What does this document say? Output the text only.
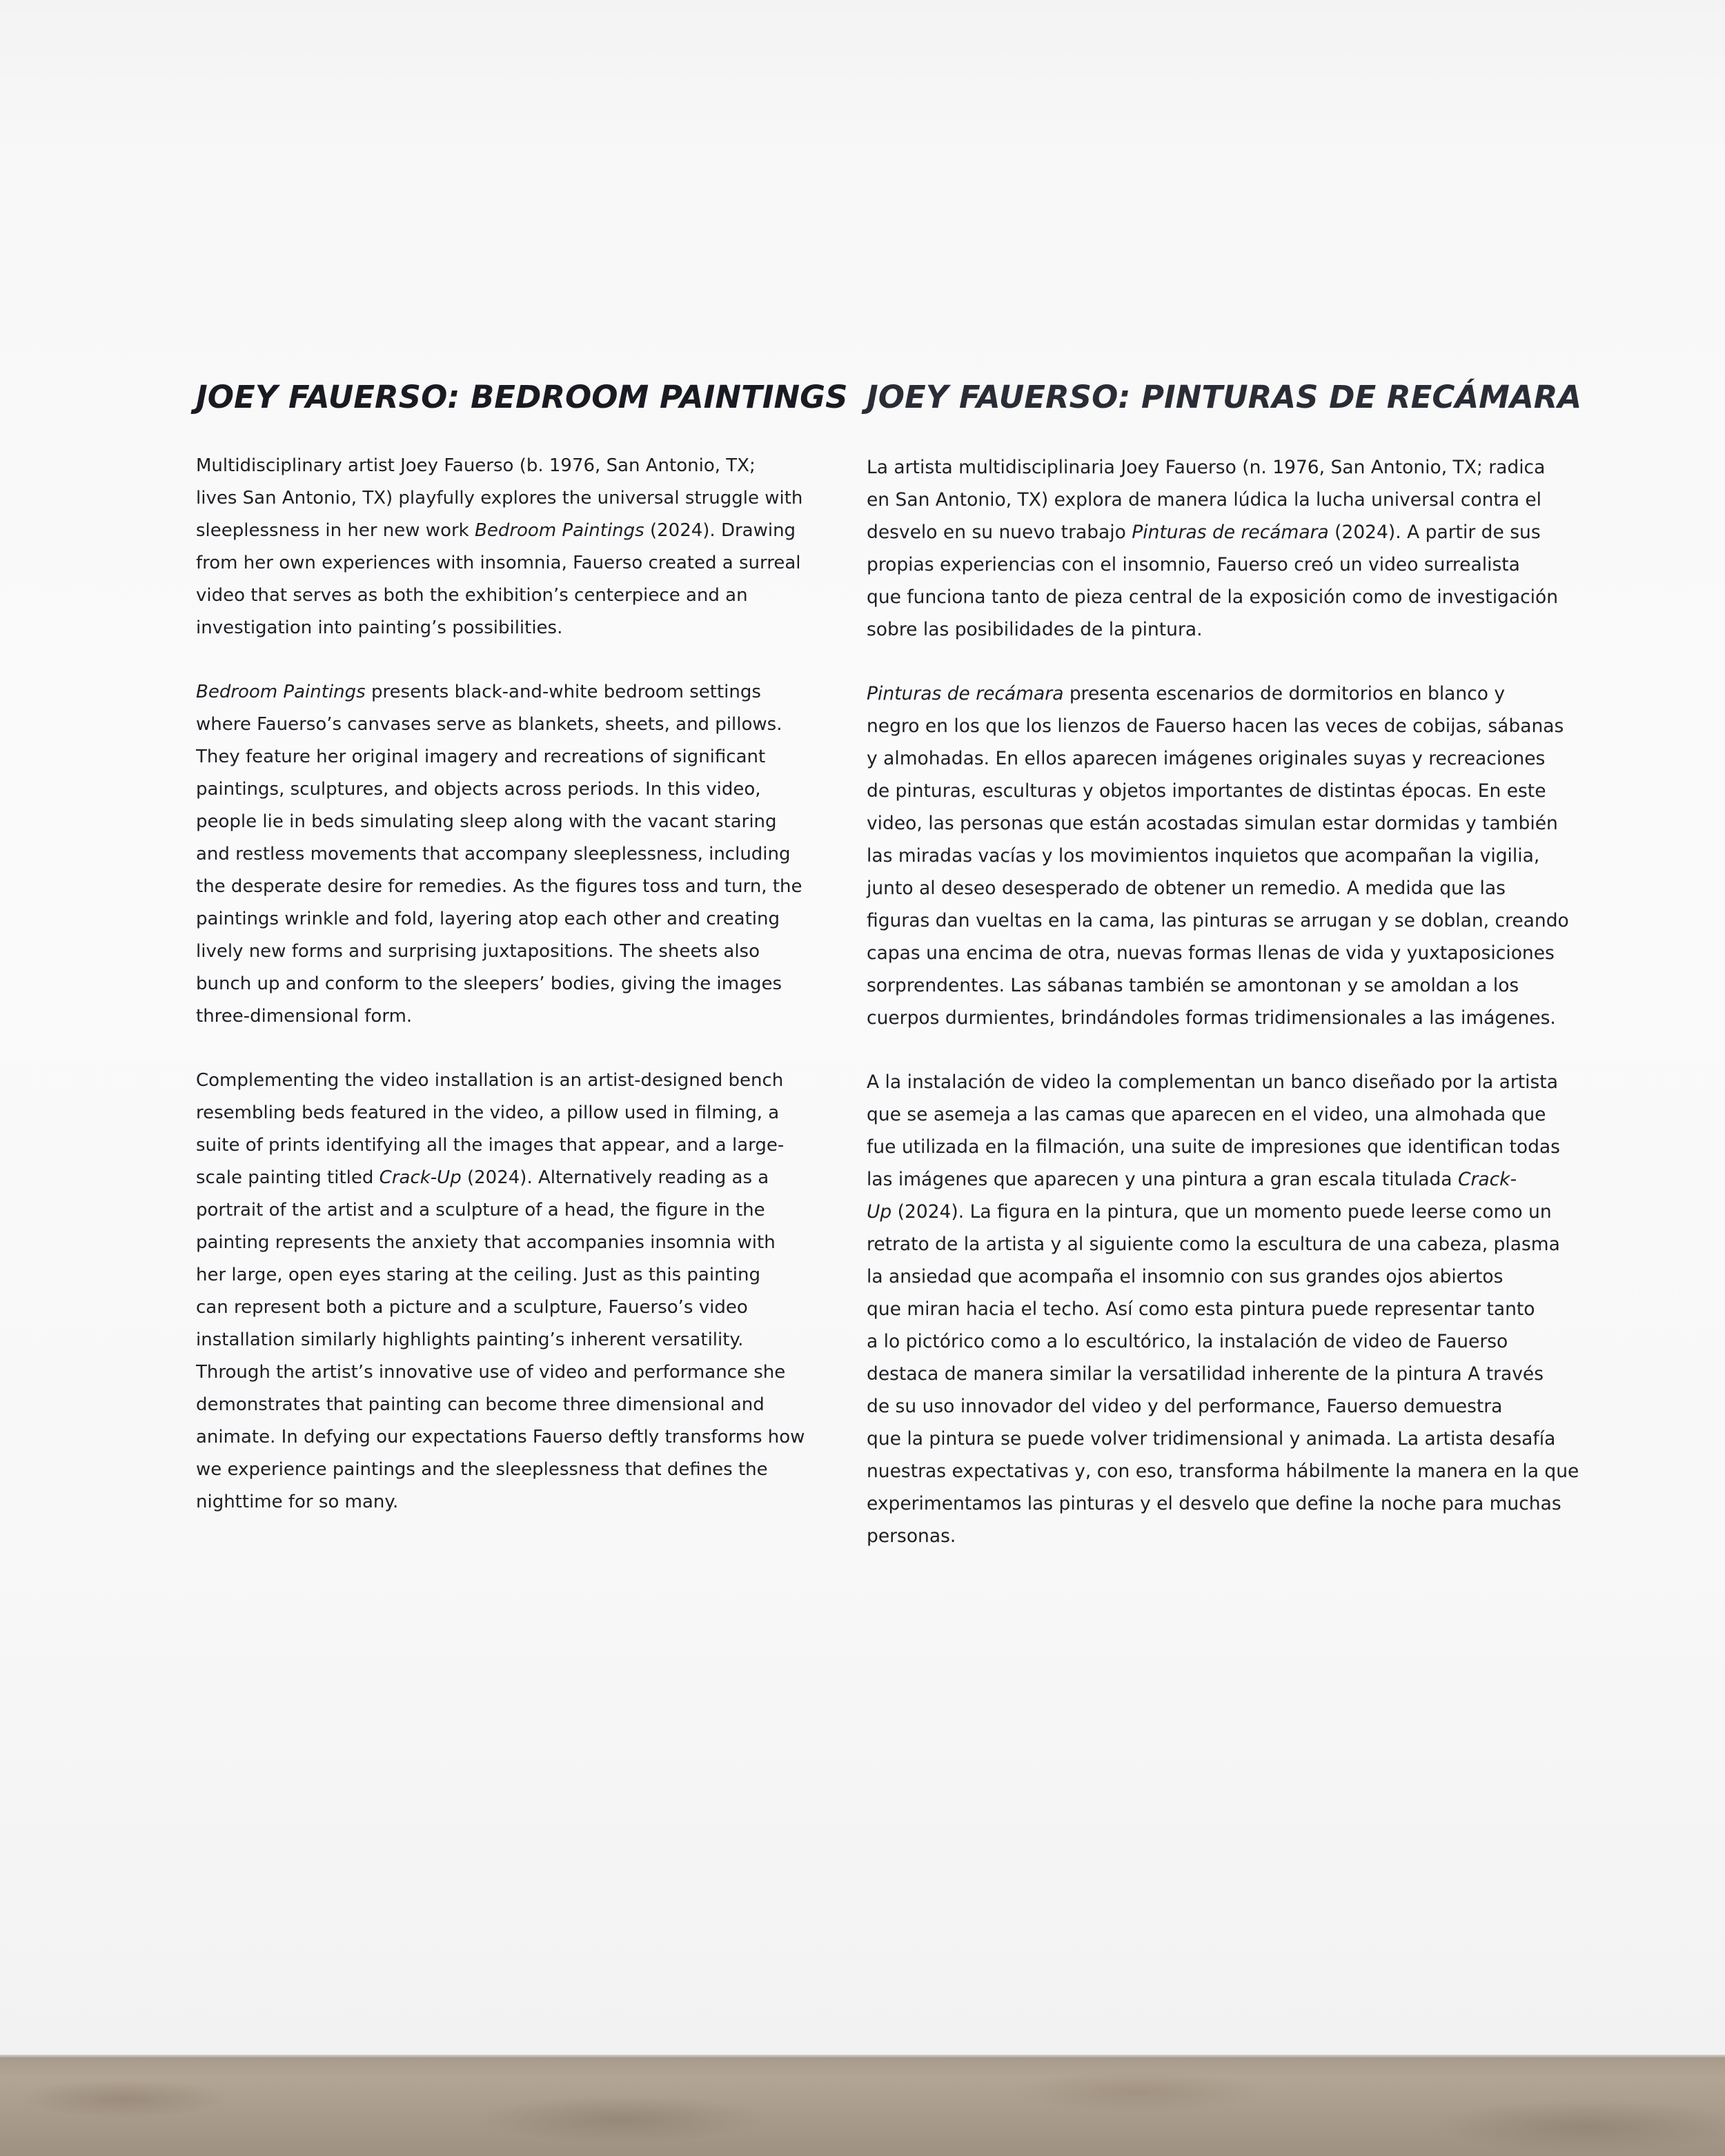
JOEY FAUERSO: BEDROOM PAINTINGS

Multidisciplinary artist Joey Fauerso (b. 1976, San Antonio, TX;
lives San Antonio, TX) playfully explores the universal struggle with
sleeplessness in her new work Bedroom Paintings (2024). Drawing
from her own experiences with insomnia, Fauerso created a surreal
video that serves as both the exhibition’s centerpiece and an
investigation into painting’s possibilities.

Bedroom Paintings presents black-and-white bedroom settings
where Fauerso’s canvases serve as blankets, sheets, and pillows.
They feature her original imagery and recreations of significant
paintings, sculptures, and objects across periods. In this video,
people lie in beds simulating sleep along with the vacant staring
and restless movements that accompany sleeplessness, including
the desperate desire for remedies. As the figures toss and turn, the
paintings wrinkle and fold, layering atop each other and creating
lively new forms and surprising juxtapositions. The sheets also
bunch up and conform to the sleepers’ bodies, giving the images
three-dimensional form.

Complementing the video installation is an artist-designed bench
resembling beds featured in the video, a pillow used in filming, a
suite of prints identifying all the images that appear, and a large-
scale painting titled Crack-Up (2024). Alternatively reading as a
portrait of the artist and a sculpture of a head, the figure in the
painting represents the anxiety that accompanies insomnia with
her large, open eyes staring at the ceiling. Just as this painting
can represent both a picture and a sculpture, Fauerso’s video
installation similarly highlights painting’s inherent versatility.
Through the artist’s innovative use of video and performance she
demonstrates that painting can become three dimensional and
animate. In defying our expectations Fauerso deftly transforms how
we experience paintings and the sleeplessness that defines the
nighttime for so many.

JOEY FAUERSO: PINTURAS DE RECÁMARA

La artista multidisciplinaria Joey Fauerso (n. 1976, San Antonio, TX; radica
en San Antonio, TX) explora de manera lúdica la lucha universal contra el
desvelo en su nuevo trabajo Pinturas de recámara (2024). A partir de sus
propias experiencias con el insomnio, Fauerso creó un video surrealista
que funciona tanto de pieza central de la exposición como de investigación
sobre las posibilidades de la pintura.

Pinturas de recámara presenta escenarios de dormitorios en blanco y
negro en los que los lienzos de Fauerso hacen las veces de cobijas, sábanas
y almohadas. En ellos aparecen imágenes originales suyas y recreaciones
de pinturas, esculturas y objetos importantes de distintas épocas. En este
video, las personas que están acostadas simulan estar dormidas y también
las miradas vacías y los movimientos inquietos que acompañan la vigilia,
junto al deseo desesperado de obtener un remedio. A medida que las
figuras dan vueltas en la cama, las pinturas se arrugan y se doblan, creando
capas una encima de otra, nuevas formas llenas de vida y yuxtaposiciones
sorprendentes. Las sábanas también se amontonan y se amoldan a los
cuerpos durmientes, brindándoles formas tridimensionales a las imágenes.

A la instalación de video la complementan un banco diseñado por la artista
que se asemeja a las camas que aparecen en el video, una almohada que
fue utilizada en la filmación, una suite de impresiones que identifican todas
las imágenes que aparecen y una pintura a gran escala titulada Crack-
Up (2024). La figura en la pintura, que un momento puede leerse como un
retrato de la artista y al siguiente como la escultura de una cabeza, plasma
la ansiedad que acompaña el insomnio con sus grandes ojos abiertos
que miran hacia el techo. Así como esta pintura puede representar tanto
a lo pictórico como a lo escultórico, la instalación de video de Fauerso
destaca de manera similar la versatilidad inherente de la pintura A través
de su uso innovador del video y del performance, Fauerso demuestra
que la pintura se puede volver tridimensional y animada. La artista desafía
nuestras expectativas y, con eso, transforma hábilmente la manera en la que
experimentamos las pinturas y el desvelo que define la noche para muchas
personas.
